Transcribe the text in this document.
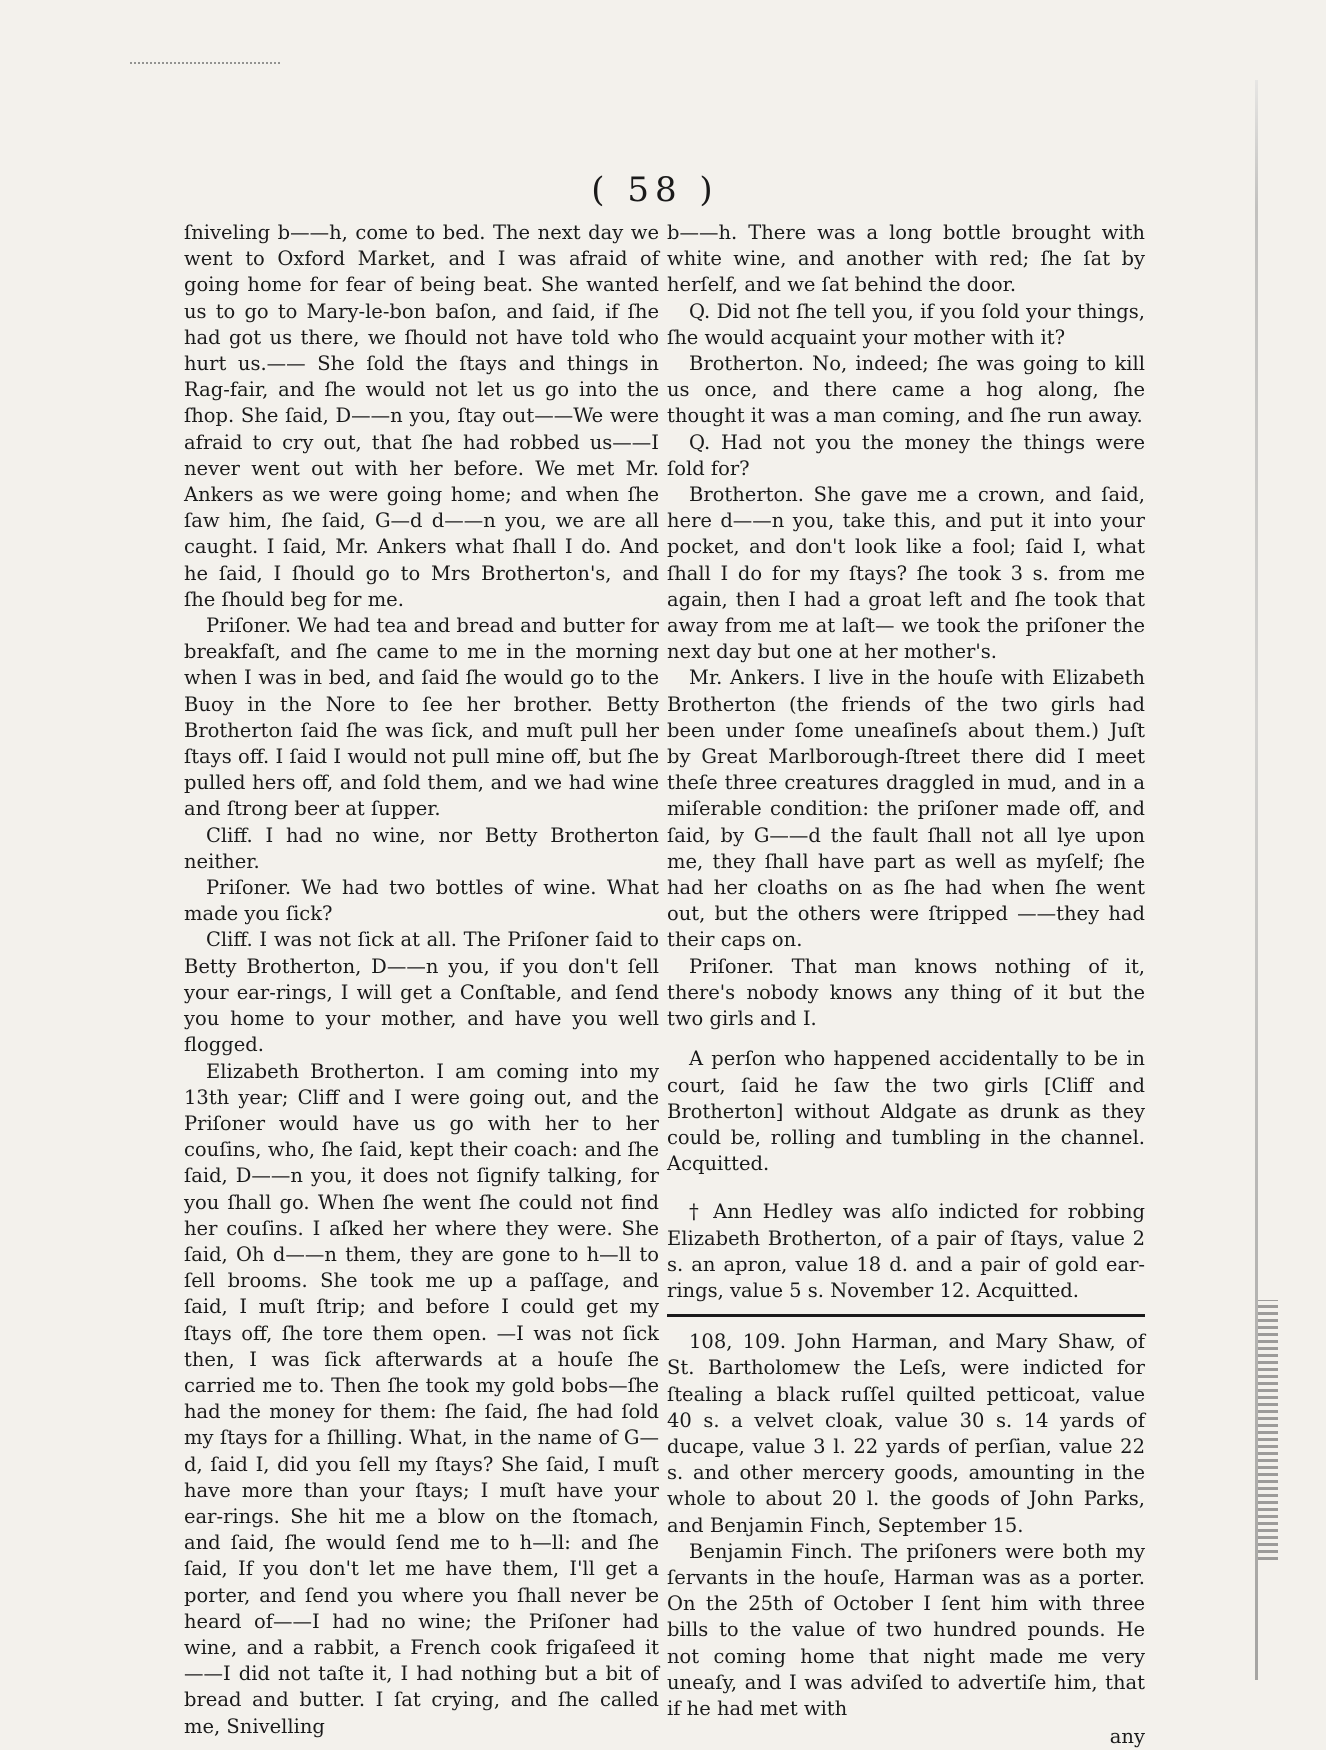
( 58 )

ſniveling b——h, come to bed. The next day we went to Oxford Market, and I was afraid of going home for fear of being beat. She wanted us to go to Mary-le-bon baſon, and ſaid, if ſhe had got us there, we ſhould not have told who hurt us.—— She ſold the ſtays and things in Rag-fair, and ſhe would not let us go into the ſhop. She ſaid, D——n you, ſtay out——We were afraid to cry out, that ſhe had robbed us——I never went out with her before. We met Mr. Ankers as we were going home; and when ſhe ſaw him, ſhe ſaid, G—d d——n you, we are all caught. I ſaid, Mr. Ankers what ſhall I do. And he ſaid, I ſhould go to Mrs Brotherton's, and ſhe ſhould beg for me.

Priſoner. We had tea and bread and butter for breakfaſt, and ſhe came to me in the morning when I was in bed, and ſaid ſhe would go to the Buoy in the Nore to ſee her brother. Betty Brotherton ſaid ſhe was ſick, and muſt pull her ſtays off. I ſaid I would not pull mine off, but ſhe pulled hers off, and ſold them, and we had wine and ſtrong beer at ſupper.

Cliff. I had no wine, nor Betty Brotherton neither.

Priſoner. We had two bottles of wine. What made you ſick?

Cliff. I was not ſick at all. The Priſoner ſaid to Betty Brotherton, D——n you, if you don't ſell your ear-rings, I will get a Conſtable, and ſend you home to your mother, and have you well flogged.

Elizabeth Brotherton. I am coming into my 13th year; Cliff and I were going out, and the Priſoner would have us go with her to her couſins, who, ſhe ſaid, kept their coach: and ſhe ſaid, D——n you, it does not ſignify talking, for you ſhall go. When ſhe went ſhe could not find her couſins. I aſked her where they were. She ſaid, Oh d——n them, they are gone to h—ll to ſell brooms. She took me up a paſſage, and ſaid, I muſt ſtrip; and before I could get my ſtays off, ſhe tore them open. —I was not ſick then, I was ſick afterwards at a houſe ſhe carried me to. Then ſhe took my gold bobs—ſhe had the money for them: ſhe ſaid, ſhe had ſold my ſtays for a ſhilling. What, in the name of G—d, ſaid I, did you ſell my ſtays? She ſaid, I muſt have more than your ſtays; I muſt have your ear-rings. She hit me a blow on the ſtomach, and ſaid, ſhe would ſend me to h—ll: and ſhe ſaid, If you don't let me have them, I'll get a porter, and ſend you where you ſhall never be heard of——I had no wine; the Priſoner had wine, and a rabbit, a French cook frigaſeed it——I did not taſte it, I had nothing but a bit of bread and butter. I ſat crying, and ſhe called me, Snivelling

b——h. There was a long bottle brought with white wine, and another with red; ſhe ſat by herſelf, and we ſat behind the door.

Q. Did not ſhe tell you, if you ſold your things, ſhe would acquaint your mother with it?

Brotherton. No, indeed; ſhe was going to kill us once, and there came a hog along, ſhe thought it was a man coming, and ſhe run away.

Q. Had not you the money the things were ſold for?

Brotherton. She gave me a crown, and ſaid, here d——n you, take this, and put it into your pocket, and don't look like a fool; ſaid I, what ſhall I do for my ſtays? ſhe took 3 s. from me again, then I had a groat left and ſhe took that away from me at laſt— we took the priſoner the next day but one at her mother's.

Mr. Ankers. I live in the houſe with Elizabeth Brotherton (the friends of the two girls had been under ſome uneaſineſs about them.) Juſt by Great Marlborough-ſtreet there did I meet theſe three creatures draggled in mud, and in a miſerable condition: the priſoner made off, and ſaid, by G——d the fault ſhall not all lye upon me, they ſhall have part as well as myſelf; ſhe had her cloaths on as ſhe had when ſhe went out, but the others were ſtripped ——they had their caps on.

Priſoner. That man knows nothing of it, there's nobody knows any thing of it but the two girls and I.

A perſon who happened accidentally to be in court, ſaid he ſaw the two girls [Cliff and Brotherton] without Aldgate as drunk as they could be, rolling and tumbling in the channel. Acquitted.

† Ann Hedley was alſo indicted for robbing Elizabeth Brotherton, of a pair of ſtays, value 2 s. an apron, value 18 d. and a pair of gold ear-rings, value 5 s. November 12. Acquitted.

108, 109. John Harman, and Mary Shaw, of St. Bartholomew the Leſs, were indicted for ſtealing a black ruſſel quilted petticoat, value 40 s. a velvet cloak, value 30 s. 14 yards of ducape, value 3 l. 22 yards of perſian, value 22 s. and other mercery goods, amounting in the whole to about 20 l. the goods of John Parks, and Benjamin Finch, September 15.

Benjamin Finch. The priſoners were both my ſervants in the houſe, Harman was as a porter. On the 25th of October I ſent him with three bills to the value of two hundred pounds. He not coming home that night made me very uneaſy, and I was adviſed to advertiſe him, that if he had met with

any
